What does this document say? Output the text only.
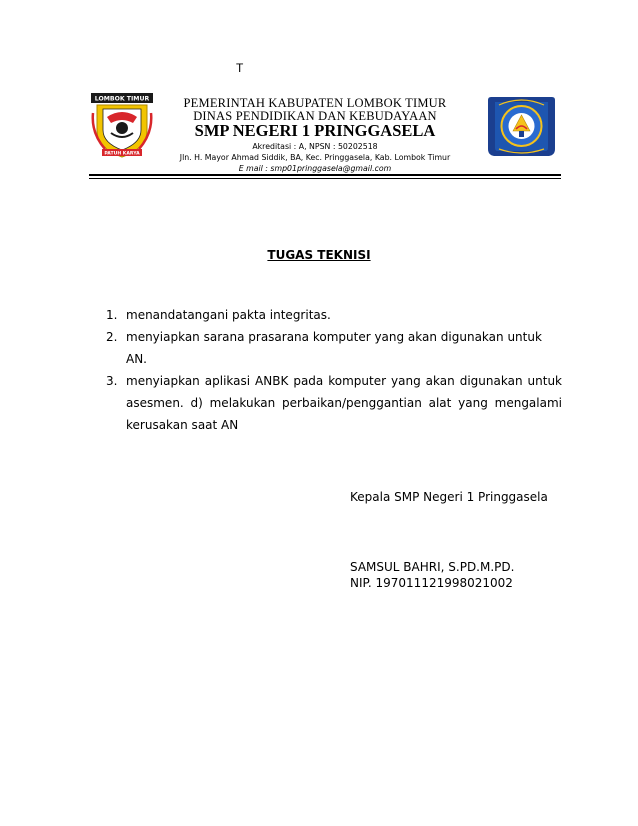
T
LOMBOK TIMUR
PATUH KARYA
PEMERINTAH KABUPATEN LOMBOK TIMUR
DINAS PENDIDIKAN DAN KEBUDAYAAN
SMP NEGERI 1 PRINGGASELA
Akreditasi : A, NPSN : 50202518
Jln. H. Mayor Ahmad Siddik, BA, Kec. Pringgasela, Kab. Lombok Timur
E mail : smp01pringgasela@gmail.com
TUGAS TEKNISI
1. menandatangani pakta integritas.
2. menyiapkan sarana prasarana komputer yang akan digunakan untuk AN.
3. menyiapkan aplikasi ANBK pada komputer yang akan digunakan untuk asesmen. d) melakukan perbaikan/penggantian alat yang mengalami kerusakan saat AN
Kepala SMP Negeri 1 Pringgasela
SAMSUL BAHRI, S.PD.M.PD.
NIP. 197011121998021002
